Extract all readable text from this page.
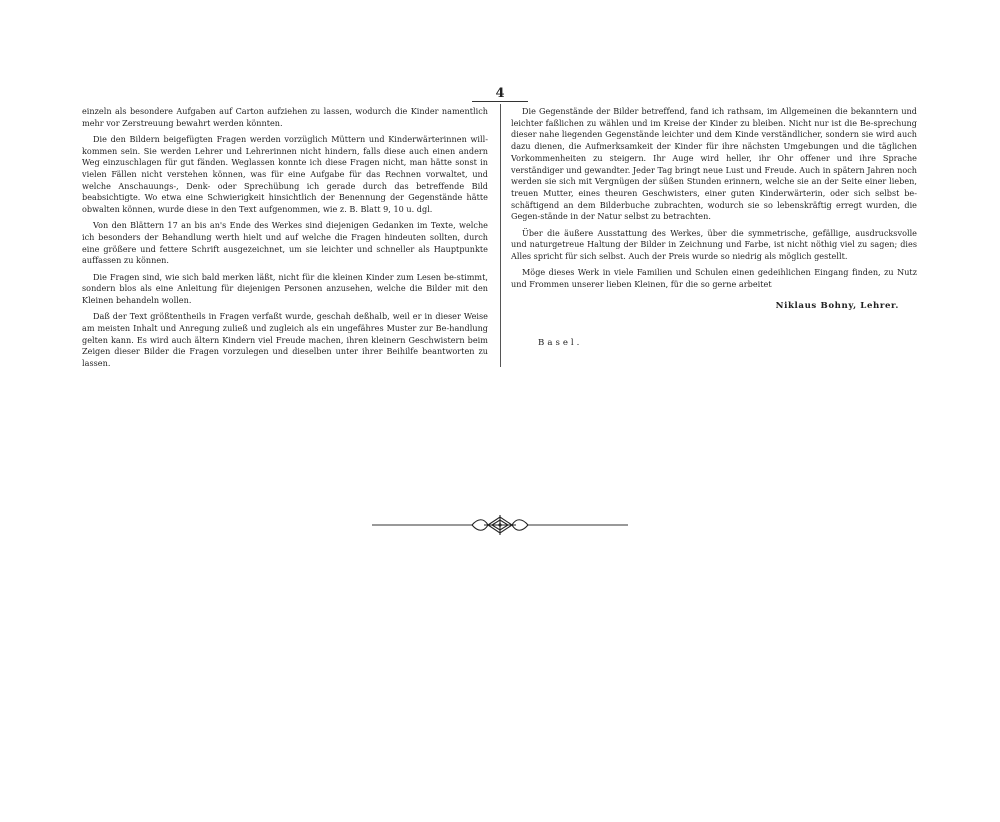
4

einzeln als besondere Aufgaben auf Carton aufziehen zu lassen, wodurch die Kinder namentlich mehr vor Zerstreuung bewahrt werden könnten.

Die den Bildern beigefügten Fragen werden vorzüglich Müttern und Kinderwärterinnen will-kommen sein. Sie werden Lehrer und Lehrerinnen nicht hindern, falls diese auch einen andern Weg einzuschlagen für gut fänden. Weglassen konnte ich diese Fragen nicht, man hätte sonst in vielen Fällen nicht verstehen können, was für eine Aufgabe für das Rechnen vorwaltet, und welche Anschauungs-, Denk- oder Sprechübung ich gerade durch das betreffende Bild beabsichtigte. Wo etwa eine Schwierigkeit hinsichtlich der Benennung der Gegenstände hätte obwalten können, wurde diese in den Text aufgenommen, wie z. B. Blatt 9, 10 u. dgl.

Von den Blättern 17 an bis an's Ende des Werkes sind diejenigen Gedanken im Texte, welche ich besonders der Behandlung werth hielt und auf welche die Fragen hindeuten sollten, durch eine größere und fettere Schrift ausgezeichnet, um sie leichter und schneller als Hauptpunkte auffassen zu können.

Die Fragen sind, wie sich bald merken läßt, nicht für die kleinen Kinder zum Lesen be-stimmt, sondern blos als eine Anleitung für diejenigen Personen anzusehen, welche die Bilder mit den Kleinen behandeln wollen.

Daß der Text größtentheils in Fragen verfaßt wurde, geschah deßhalb, weil er in dieser Weise am meisten Inhalt und Anregung zuließ und zugleich als ein ungefähres Muster zur Be-handlung gelten kann. Es wird auch ältern Kindern viel Freude machen, ihren kleinern Geschwistern beim Zeigen dieser Bilder die Fragen vorzulegen und dieselben unter ihrer Beihilfe beantworten zu lassen.

Die Gegenstände der Bilder betreffend, fand ich rathsam, im Allgemeinen die bekanntern und leichter faßlichen zu wählen und im Kreise der Kinder zu bleiben. Nicht nur ist die Be-sprechung dieser nahe liegenden Gegenstände leichter und dem Kinde verständlicher, sondern sie wird auch dazu dienen, die Aufmerksamkeit der Kinder für ihre nächsten Umgebungen und die täglichen Vorkommenheiten zu steigern. Ihr Auge wird heller, ihr Ohr offener und ihre Sprache verständiger und gewandter. Jeder Tag bringt neue Lust und Freude. Auch in spätern Jahren noch werden sie sich mit Vergnügen der süßen Stunden erinnern, welche sie an der Seite einer lieben, treuen Mutter, eines theuren Geschwisters, einer guten Kinderwärterin, oder sich selbst be-schäftigend an dem Bilderbuche zubrachten, wodurch sie so lebenskräftig erregt wurden, die Gegen-stände in der Natur selbst zu betrachten.

Über die äußere Ausstattung des Werkes, über die symmetrische, gefällige, ausdrucksvolle und naturgetreue Haltung der Bilder in Zeichnung und Farbe, ist nicht nöthig viel zu sagen; dies Alles spricht für sich selbst. Auch der Preis wurde so niedrig als möglich gestellt.

Möge dieses Werk in viele Familien und Schulen einen gedeihlichen Eingang finden, zu Nutz und Frommen unserer lieben Kleinen, für die so gerne arbeitet

Niklaus Bohny, Lehrer.
Basel.
